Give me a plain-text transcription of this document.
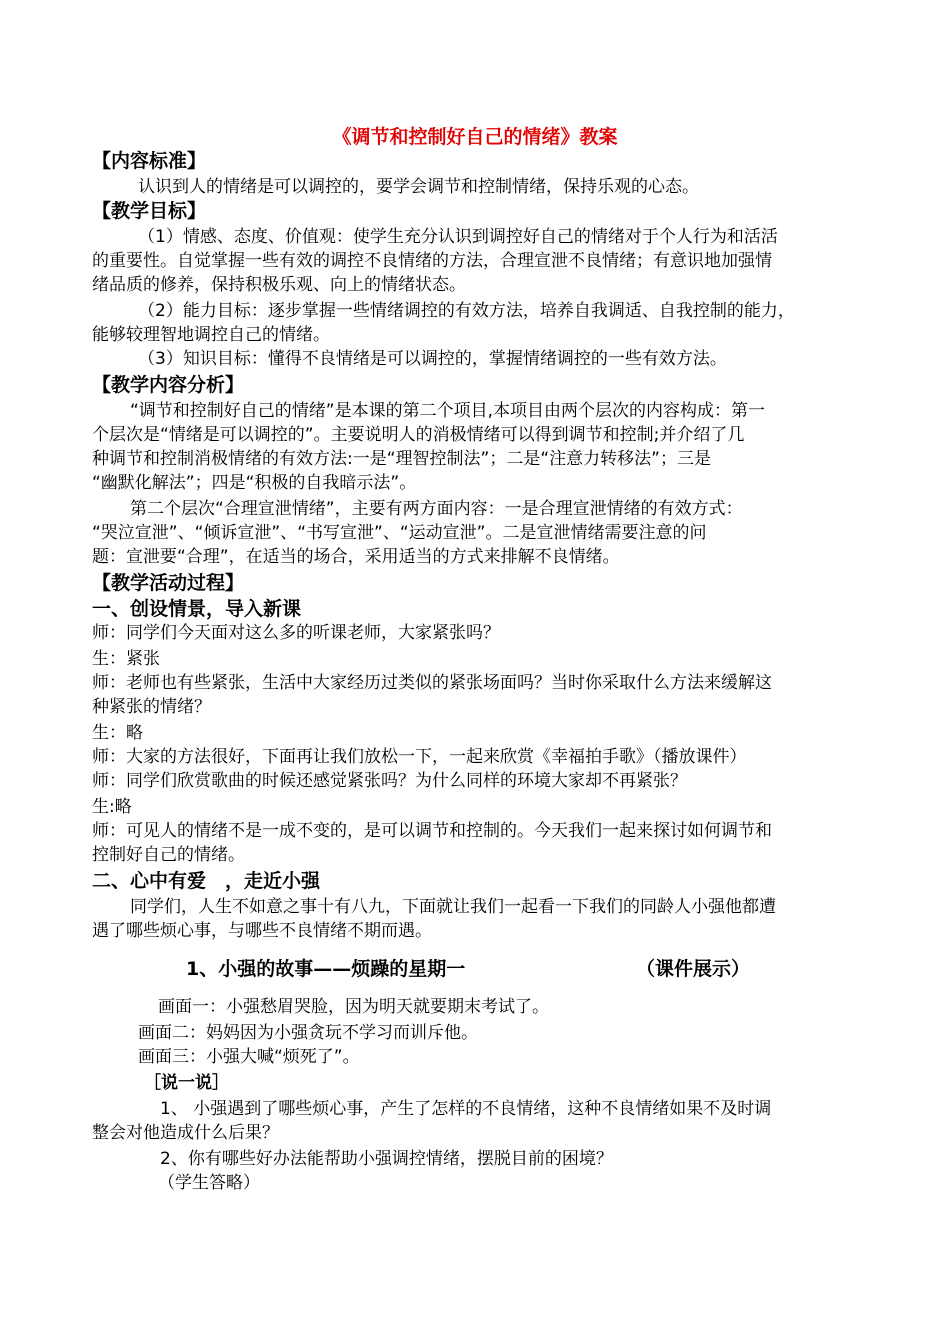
《调节和控制好自己的情绪》教案
【内容标准】
认识到人的情绪是可以调控的，要学会调节和控制情绪，保持乐观的心态。
【教学目标】
（1）情感、态度、价值观：使学生充分认识到调控好自己的情绪对于个人行为和活活
的重要性。自觉掌握一些有效的调控不良情绪的方法，合理宣泄不良情绪；有意识地加强情
绪品质的修养，保持积极乐观、向上的情绪状态。
（2）能力目标：逐步掌握一些情绪调控的有效方法，培养自我调适、自我控制的能力，
能够较理智地调控自己的情绪。
（3）知识目标：懂得不良情绪是可以调控的，掌握情绪调控的一些有效方法。
【教学内容分析】
“调节和控制好自己的情绪”是本课的第二个项目,本项目由两个层次的内容构成：第一
个层次是“情绪是可以调控的”。主要说明人的消极情绪可以得到调节和控制;并介绍了几
种调节和控制消极情绪的有效方法:一是“理智控制法”；二是“注意力转移法”；三是
“幽默化解法”；四是“积极的自我暗示法”。
第二个层次“合理宣泄情绪”，主要有两方面内容：一是合理宣泄情绪的有效方式：
“哭泣宣泄”、“倾诉宣泄”、“书写宣泄”、“运动宣泄”。二是宣泄情绪需要注意的问
题：宣泄要“合理”，在适当的场合，采用适当的方式来排解不良情绪。
【教学活动过程】
一、创设情景，导入新课
师：同学们今天面对这么多的听课老师，大家紧张吗？
生：紧张
师：老师也有些紧张，生活中大家经历过类似的紧张场面吗？当时你采取什么方法来缓解这
种紧张的情绪？
生：略
师：大家的方法很好，下面再让我们放松一下，一起来欣赏《幸福拍手歌》（播放课件）
师：同学们欣赏歌曲的时候还感觉紧张吗？为什么同样的环境大家却不再紧张？
生:略
师：可见人的情绪不是一成不变的，是可以调节和控制的。今天我们一起来探讨如何调节和
控制好自己的情绪。
二、心中有爱　，走近小强
同学们，人生不如意之事十有八九，下面就让我们一起看一下我们的同龄人小强他都遭
遇了哪些烦心事，与哪些不良情绪不期而遇。
1、小强的故事——烦躁的星期一	（课件展示）
画面一：小强愁眉哭脸，因为明天就要期末考试了。
画面二：妈妈因为小强贪玩不学习而训斥他。
画面三：小强大喊“烦死了”。
［说一说］
1、 小强遇到了哪些烦心事，产生了怎样的不良情绪，这种不良情绪如果不及时调
整会对他造成什么后果？
2、你有哪些好办法能帮助小强调控情绪，摆脱目前的困境？
（学生答略）
